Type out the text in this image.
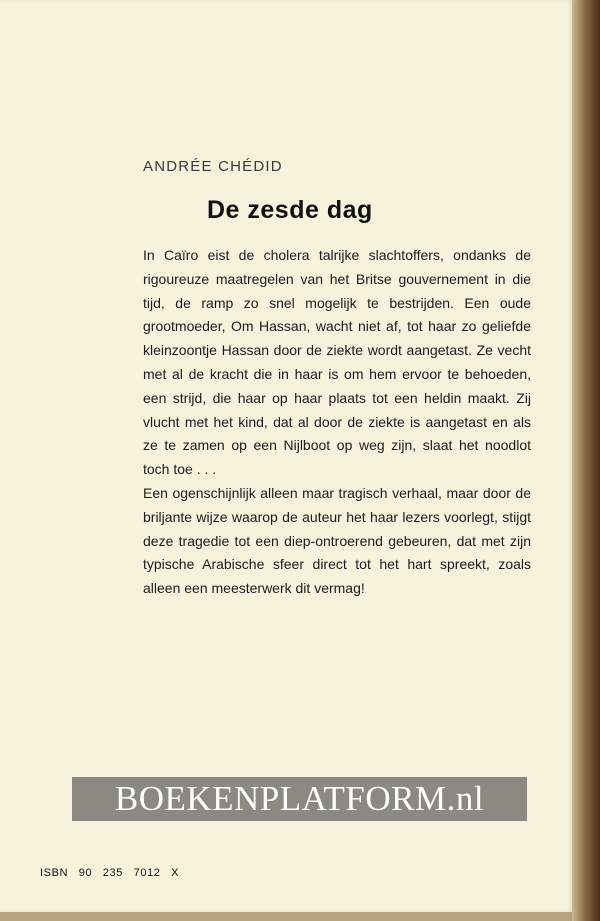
ANDRÉE CHÉDID
De zesde dag

In Caïro eist de cholera talrijke slachtoffers, ondanks de rigoureuze maatregelen van het Britse gouvernement in die tijd, de ramp zo snel mogelijk te bestrijden. Een oude grootmoeder, Om Hassan, wacht niet af, tot haar zo geliefde kleinzoontje Hassan door de ziekte wordt aangetast. Ze vecht met al de kracht die in haar is om hem ervoor te behoeden, een strijd, die haar op haar plaats tot een heldin maakt. Zij vlucht met het kind, dat al door de ziekte is aangetast en als ze te zamen op een Nijlboot op weg zijn, slaat het noodlot toch toe . . .

Een ogenschijnlijk alleen maar tragisch verhaal, maar door de briljante wijze waarop de auteur het haar lezers voorlegt, stijgt deze tragedie tot een diep-ontroerend gebeuren, dat met zijn typische Arabische sfeer direct tot het hart spreekt, zoals alleen een meesterwerk dit vermag!

ISBN 90 235 7012 X
BOEKENPLATFORM.nl
